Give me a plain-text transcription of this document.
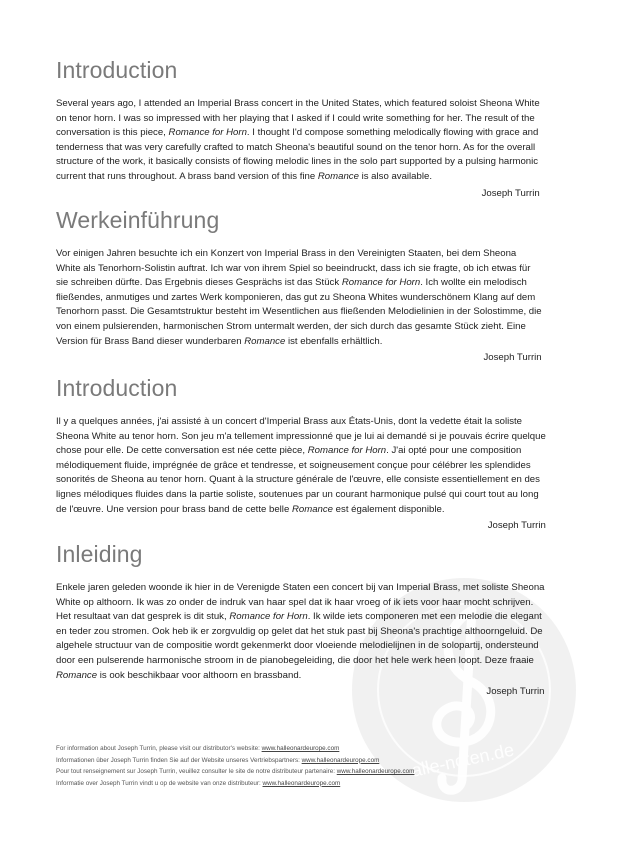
alle-noten.de
Introduction

Several years ago, I attended an Imperial Brass concert in the United States, which featured soloist Sheona White
on tenor horn. I was so impressed with her playing that I asked if I could write something for her. The result of the
conversation is this piece, Romance for Horn. I thought I'd compose something melodically flowing with grace and
tenderness that was very carefully crafted to match Sheona's beautiful sound on the tenor horn. As for the overall
structure of the work, it basically consists of flowing melodic lines in the solo part supported by a pulsing harmonic
current that runs throughout. A brass band version of this fine Romance is also available.

Joseph Turrin
Werkeinführung

Vor einigen Jahren besuchte ich ein Konzert von Imperial Brass in den Vereinigten Staaten, bei dem Sheona
White als Tenorhorn-Solistin auftrat. Ich war von ihrem Spiel so beeindruckt, dass ich sie fragte, ob ich etwas für
sie schreiben dürfte. Das Ergebnis dieses Gesprächs ist das Stück Romance for Horn. Ich wollte ein melodisch
fließendes, anmutiges und zartes Werk komponieren, das gut zu Sheona Whites wunderschönem Klang auf dem
Tenorhorn passt. Die Gesamtstruktur besteht im Wesentlichen aus fließenden Melodielinien in der Solostimme, die
von einem pulsierenden, harmonischen Strom untermalt werden, der sich durch das gesamte Stück zieht. Eine
Version für Brass Band dieser wunderbaren Romance ist ebenfalls erhältlich.

Joseph Turrin
Introduction

Il y a quelques années, j'ai assisté à un concert d'Imperial Brass aux États-Unis, dont la vedette était la soliste
Sheona White au tenor horn. Son jeu m'a tellement impressionné que je lui ai demandé si je pouvais écrire quelque
chose pour elle. De cette conversation est née cette pièce, Romance for Horn. J'ai opté pour une composition
mélodiquement fluide, imprégnée de grâce et tendresse, et soigneusement conçue pour célébrer les splendides
sonorités de Sheona au tenor horn. Quant à la structure générale de l'œuvre, elle consiste essentiellement en des
lignes mélodiques fluides dans la partie soliste, soutenues par un courant harmonique pulsé qui court tout au long
de l'œuvre. Une version pour brass band de cette belle Romance est également disponible.

Joseph Turrin
Inleiding

Enkele jaren geleden woonde ik hier in de Verenigde Staten een concert bij van Imperial Brass, met soliste Sheona
White op althoorn. Ik was zo onder de indruk van haar spel dat ik haar vroeg of ik iets voor haar mocht schrijven.
Het resultaat van dat gesprek is dit stuk, Romance for Horn. Ik wilde iets componeren met een melodie die elegant
en teder zou stromen. Ook heb ik er zorgvuldig op gelet dat het stuk past bij Sheona's prachtige althoorngeluid. De
algehele structuur van de compositie wordt gekenmerkt door vloeiende melodielijnen in de solopartij, ondersteund
door een pulserende harmonische stroom in de pianobegeleiding, die door het hele werk heen loopt. Deze fraaie
Romance is ook beschikbaar voor althoorn en brassband.

Joseph Turrin
For information about Joseph Turrin, please visit our distributor's website: www.halleonardeurope.com
Informationen über Joseph Turrin finden Sie auf der Website unseres Vertriebspartners: www.halleonardeurope.com
Pour tout renseignement sur Joseph Turrin, veuillez consulter le site de notre distributeur partenaire: www.halleonardeurope.com
Informatie over Joseph Turrin vindt u op de website van onze distributeur: www.halleonardeurope.com
